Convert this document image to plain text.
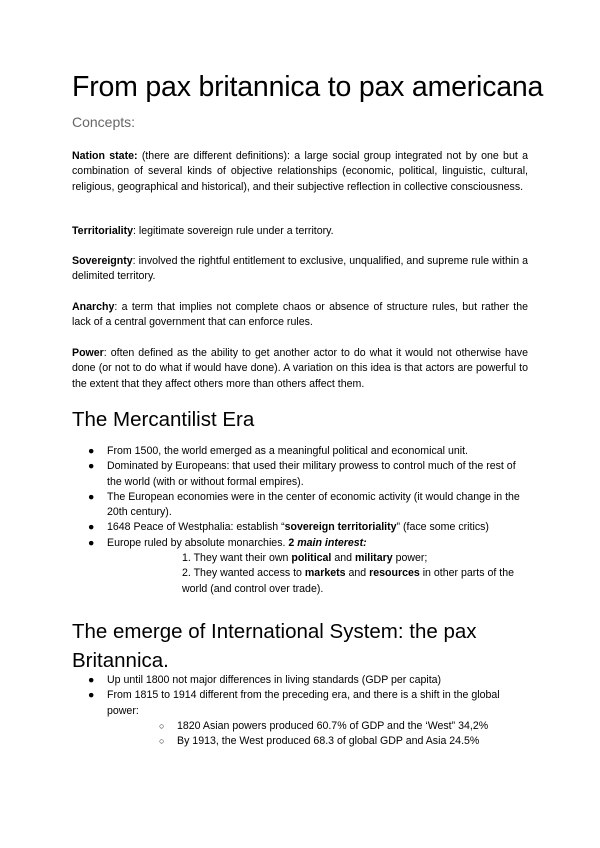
From pax britannica to pax americana
Concepts:

Nation state: (there are different definitions): a large social group integrated not by one but a combination of several kinds of objective relationships (economic, political, linguistic, cultural, religious, geographical and historical), and their subjective reflection in collective consciousness.

Territoriality: legitimate sovereign rule under a territory.

Sovereignty: involved the rightful entitlement to exclusive, unqualified, and supreme rule within a delimited territory.

Anarchy: a term that implies not complete chaos or absence of structure rules, but rather the lack of a central government that can enforce rules.

Power: often defined as the ability to get another actor to do what it would not otherwise have done (or not to do what if would have done). A variation on this idea is that actors are powerful to the extent that they affect others more than others affect them.

The Mercantilist Era
● From 1500, the world emerged as a meaningful political and economical unit.
● Dominated by Europeans: that used their military prowess to control much of the rest of the world (with or without formal empires).
● The European economies were in the center of economic activity (it would change in the 20th century).
● 1648 Peace of Westphalia: establish “sovereign territoriality” (face some critics)
● Europe ruled by absolute monarchies. 2 main interest:
1. They want their own political and military power;
2. They wanted access to markets and resources in other parts of the world (and control over trade).
The emerge of International System: the pax Britannica.
● Up until 1800 not major differences in living standards (GDP per capita)
● From 1815 to 1914 different from the preceding era, and there is a shift in the global power:
○ 1820 Asian powers produced 60.7% of GDP and the ‘West” 34,2%
○ By 1913, the West produced 68.3 of global GDP and Asia 24.5%
